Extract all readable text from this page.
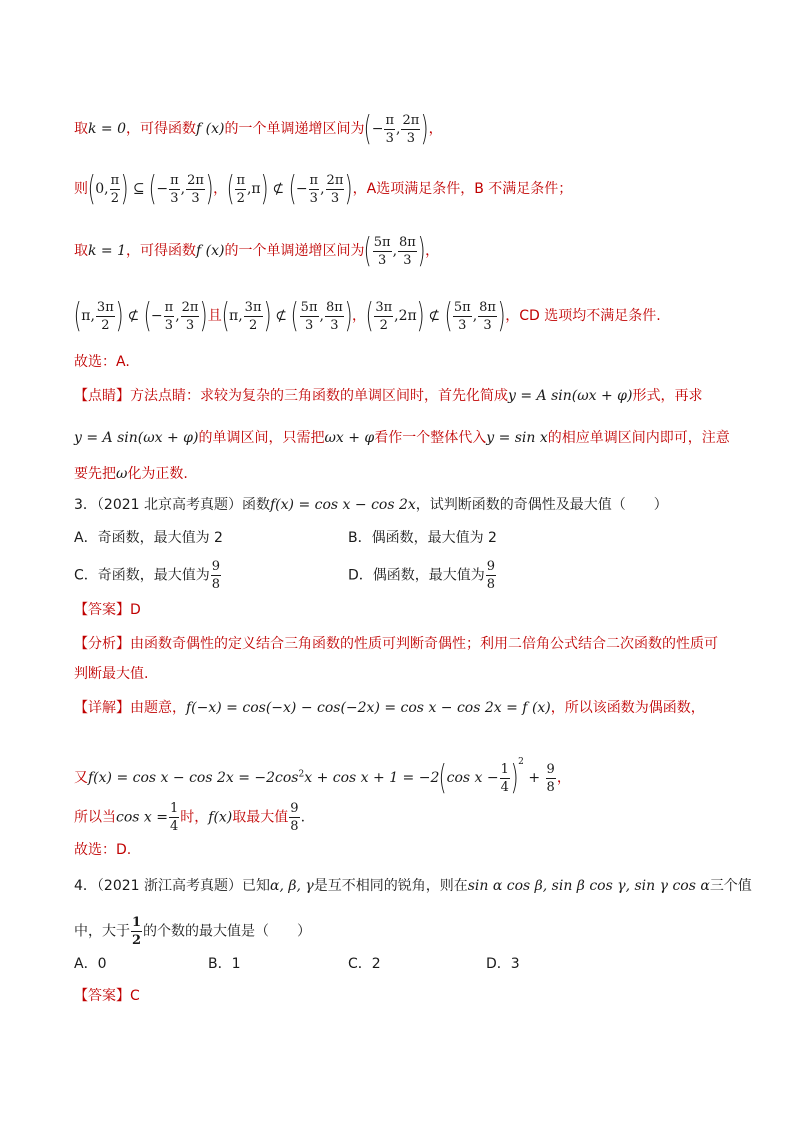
取k = 0，可得函数f (x)的一个单调递增区间为(− $\frac{\pi}{3}$ , $\frac{2\pi}{3}$ )，
则(0, $\frac{\pi}{2}$ ) ⊆ (− $\frac{\pi}{3}$ , $\frac{2\pi}{3}$ )，( $\frac{\pi}{2} ,\pi$) ⊄ (− $\frac{\pi}{3}$ , $\frac{2\pi}{3}$ )，A选项满足条件，B 不满足条件；
取k = 1，可得函数f (x)的一个单调递增区间为( $\frac{5\pi}{3}$ , $\frac{8\pi}{3}$ )，
(π, $\frac{3\pi}{2}$ ) ⊄ (− $\frac{\pi}{3}$ , $\frac{2\pi}{3}$ )且(π, $\frac{3\pi}{2}$ ) ⊄ ( $\frac{5\pi}{3}$ , $\frac{8\pi}{3}$ )，( $\frac{3\pi}{2} ,2\pi$) ⊄ ( $\frac{5\pi}{3}$ , $\frac{8\pi}{3}$ )，CD 选项均不满足条件.
故选：A.
【点睛】方法点睛：求较为复杂的三角函数的单调区间时，首先化简成y = A sin(ωx + φ)形式，再求
y = A sin(ωx + φ)的单调区间，只需把ωx + φ看作一个整体代入y = sin x的相应单调区间内即可，注意
要先把ω化为正数.
3．（2021 北京高考真题）函数f(x) = cos x − cos 2x，试判断函数的奇偶性及最大值（　　）
A．奇函数，最大值为 2	B．偶函数，最大值为 2
C．奇函数，最大值为 $\frac{9}{8}$	D．偶函数，最大值为 $\frac{9}{8}$
【答案】D
【分析】由函数奇偶性的定义结合三角函数的性质可判断奇偶性；利用二倍角公式结合二次函数的性质可
判断最大值.
【详解】由题意，f(−x) = cos(−x) − cos(−2x) = cos x − cos 2x = f (x)，所以该函数为偶函数，
又$f(x) = \cos x - \cos 2x = -2\cos^2x + \cos x + 1 = -2(\cos$ $x - \frac{1}{4} )^2 + \frac{9}{8}$ ，
所以当$\cos x = \frac{1}{4}$ 时，f(x)取最大值 $\frac{9}{8}$ .
故选：D.
4．（2021 浙江高考真题）已知α, β, γ是互不相同的锐角，则在sin α cos β, sin β cos γ, sin γ cos α三个值
中，大于 $\frac{1}{2}$ 的个数的最大值是（　　）
A．0	B．1	C．2	D．3
【答案】C
